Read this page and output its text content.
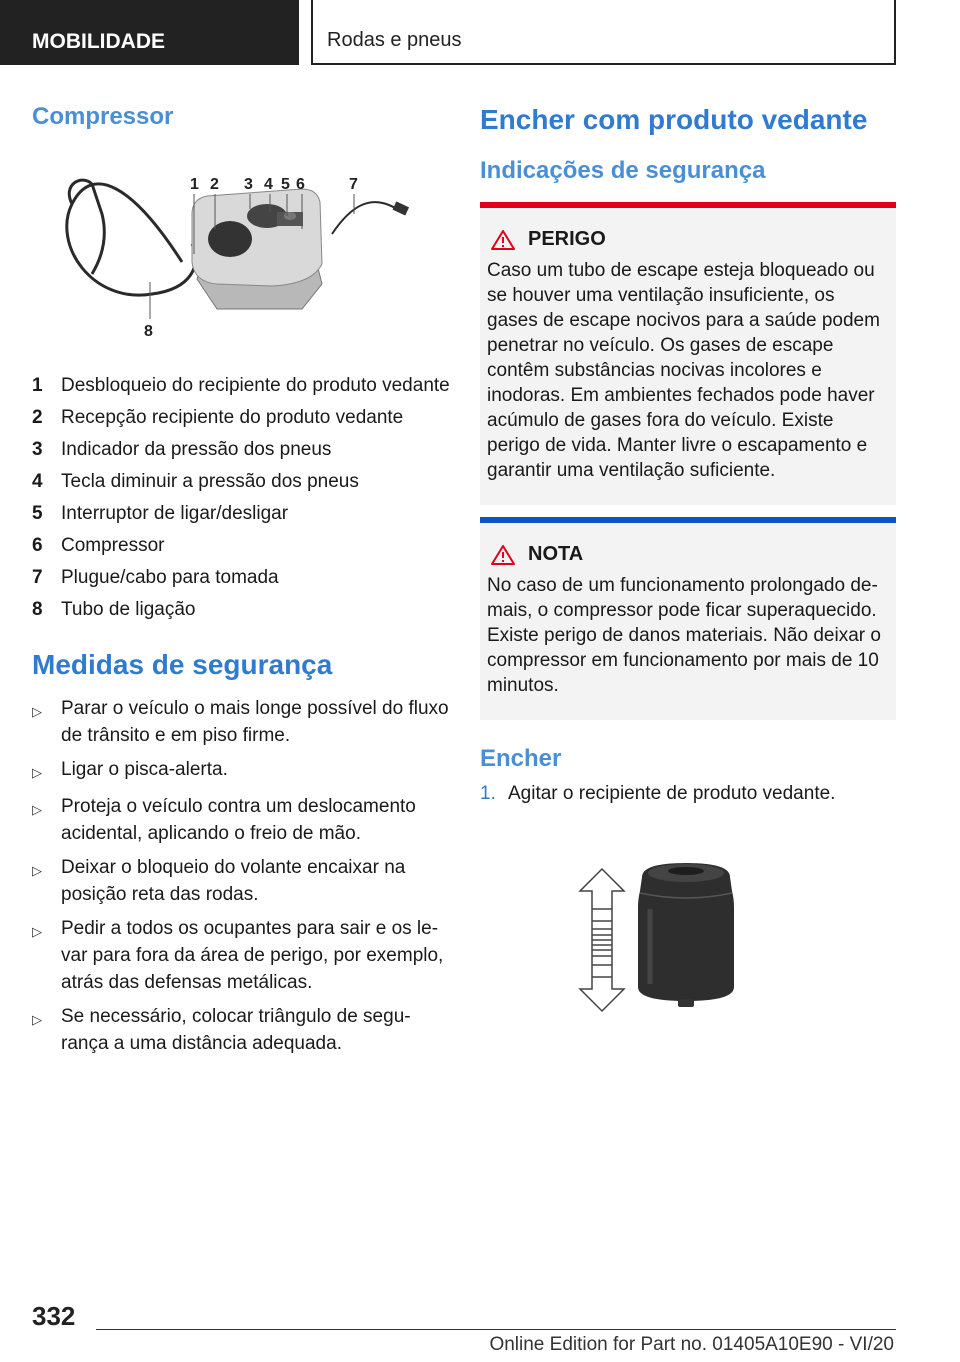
MOBILIDADE	Rodas e pneus
Compressor
1 2 3 4 5 6	7
8
1 Desbloqueio do recipiente do produto vedante
2 Recepção recipiente do produto vedante
3 Indicador da pressão dos pneus
4 Tecla diminuir a pressão dos pneus
5 Interruptor de ligar/desligar
6 Compressor
7 Plugue/cabo para tomada
8 Tubo de ligação
Medidas de segurança
▷	Parar o veículo o mais longe possível do fluxo de trânsito e em piso firme.
▷	Ligar o pisca-alerta.
▷	Proteja o veículo contra um deslocamento acidental, aplicando o freio de mão.
▷	Deixar o bloqueio do volante encaixar na posição reta das rodas.
▷	Pedir a todos os ocupantes para sair e os levar para fora da área de perigo, por exemplo, atrás das defensas metálicas.
▷	Se necessário, colocar triângulo de segurança a uma distância adequada.
Encher com produto vedante
Indicações de segurança
PERIGO
Caso um tubo de escape esteja bloqueado ou se houver uma ventilação insuficiente, os gases de escape nocivos para a saúde podem penetrar no veículo. Os gases de escape contêm substâncias nocivas incolores e inodoras. Em ambientes fechados pode haver acúmulo de gases fora do veículo. Existe perigo de vida. Manter livre o escapamento e garantir uma ventilação suficiente.
NOTA
No caso de um funcionamento prolongado demais, o compressor pode ficar superaquecido. Existe perigo de danos materiais. Não deixar o compressor em funcionamento por mais de 10 minutos.
Encher
1. Agitar o recipiente de produto vedante.
332
Online Edition for Part no. 01405A10E90 - VI/20
